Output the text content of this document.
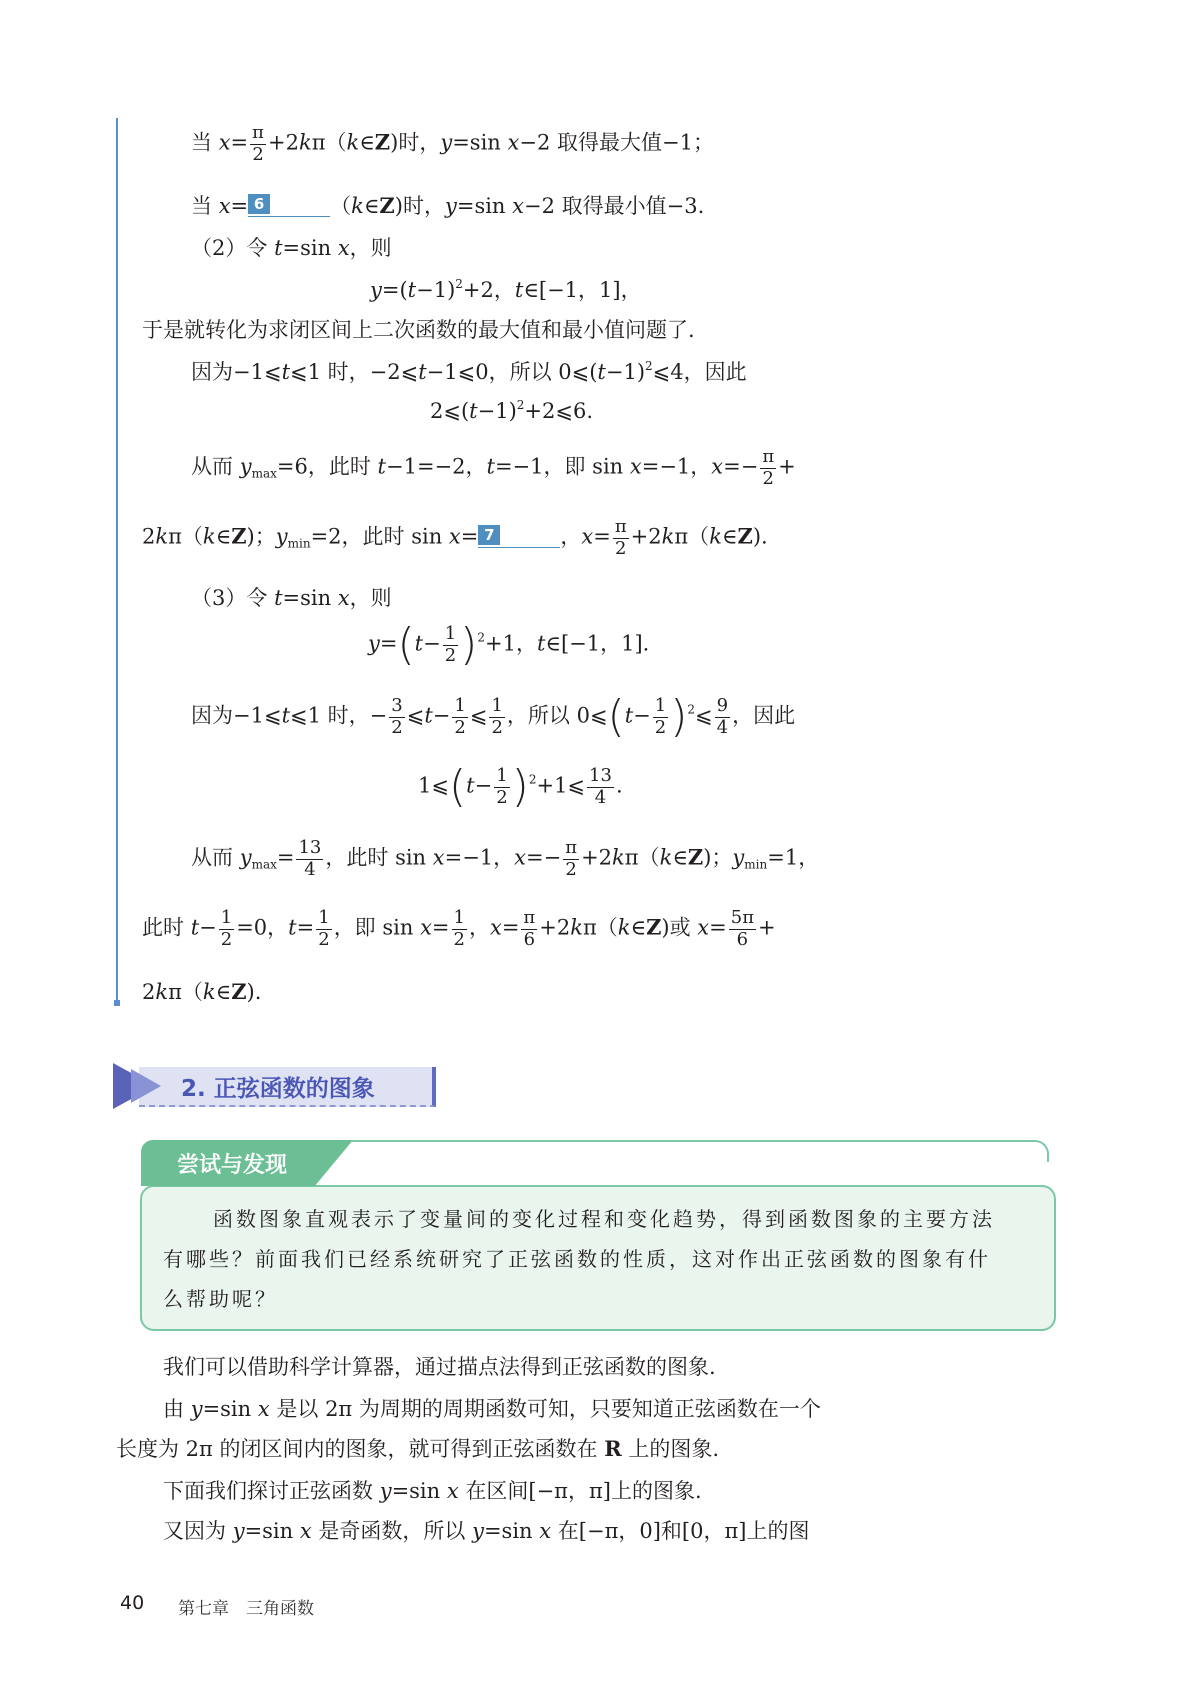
当 $x= \frac{\pi}{2}$ +2kπ（k∈Z)时，y=sin x−2 取得最大值−1；
当 x= 6	（k∈Z)时，y=sin x−2 取得最小值−3.
（2）令 t=sin x，则
$y=(t-1)^2+2$，t∈[−1，1]，
于是就转化为求闭区间上二次函数的最大值和最小值问题了.
因为−1⩽t⩽1 时，−2⩽t−1⩽0，所以 $0⩽(t-1)^2⩽4$，因此
$2⩽(t-1)^2+2⩽6$.
从而 $y_{max}=6$，此时 t−1=−2，t=−1，即 sin x=−1，$x=- \frac{\pi}{2}$ +
2kπ（k∈Z)；$y_{min}=2$，此时 sin x= 7	，$x= \frac{\pi}{2}$ +2kπ（k∈Z).
（3）令 t=sin x，则
$y=(t- \frac{1}{2} )^2+1$，t∈[−1，1].
因为−1⩽t⩽1 时，− $\frac{3}{2}$ ⩽t− $\frac{1}{2}$ ⩽ $\frac{1}{2}$ ，所以 0⩽(t− $\frac{1}{2}$ )$^2$⩽ $\frac{9}{4}$ ，因此
1⩽(t− $\frac{1}{2}$ )$^2$+1⩽ $\frac{13}{4}$ .
从而 $y_{max}= \frac{13}{4}$ ，此时 sin x=−1，$x=- \frac{\pi}{2}$ +2kπ（k∈Z)；$y_{min}=1$，
此时 $t- \frac{1}{2} =0$，$t= \frac{1}{2}$ ，即 $\sin x= \frac{1}{2}$ ，$x= \frac{\pi}{6}$ +2kπ（k∈Z)或 $x= \frac{5\pi}{6}$ +
2kπ（k∈Z).
2. 正弦函数的图象
尝试与发现
函数图象直观表示了变量间的变化过程和变化趋势，得到函数图象的主要方法
有哪些？前面我们已经系统研究了正弦函数的性质，这对作出正弦函数的图象有什
么帮助呢？
我们可以借助科学计算器，通过描点法得到正弦函数的图象.
由 y=sin x 是以 2π 为周期的周期函数可知，只要知道正弦函数在一个
长度为 2π 的闭区间内的图象，就可得到正弦函数在 R 上的图象.
下面我们探讨正弦函数 y=sin x 在区间[−π，π]上的图象.
又因为 y=sin x 是奇函数，所以 y=sin x 在[−π，0]和[0，π]上的图
40 第七章　三角函数
